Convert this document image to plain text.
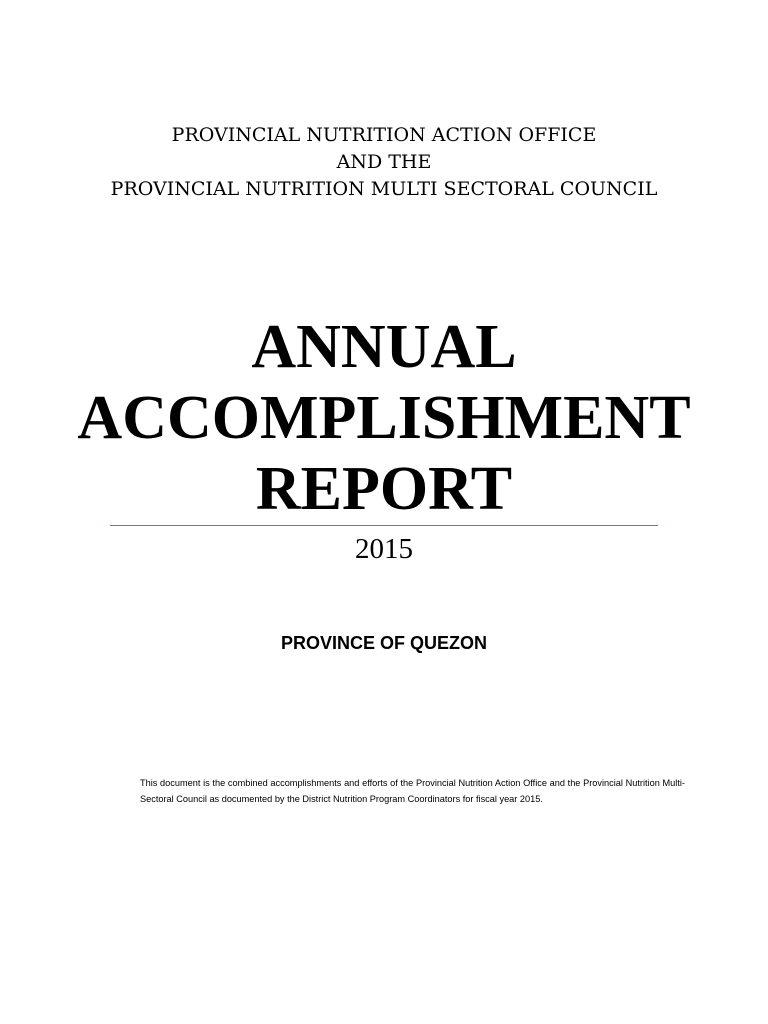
PROVINCIAL NUTRITION ACTION OFFICE
AND THE
PROVINCIAL NUTRITION MULTI SECTORAL COUNCIL
ANNUAL
ACCOMPLISHMENT
REPORT
2015
PROVINCE OF QUEZON
This document is the combined accomplishments and efforts of the Provincial Nutrition Action Office and the Provincial Nutrition Multi-Sectoral Council as documented by the District Nutrition Program Coordinators for fiscal year 2015.
